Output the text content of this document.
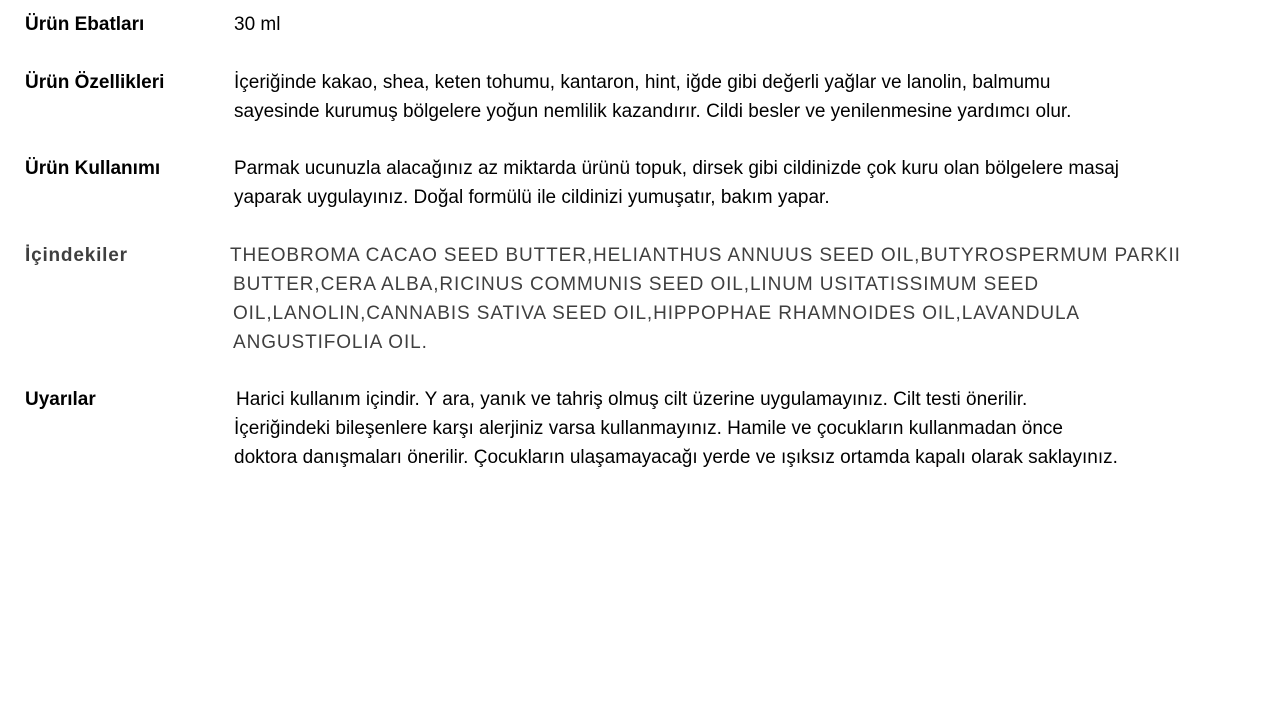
Ürün Ebatları	30 ml
Ürün Özellikleri	İçeriğinde kakao, shea, keten tohumu, kantaron, hint, iğde gibi değerli yağlar ve lanolin, balmumu
sayesinde kurumuş bölgelere yoğun nemlilik kazandırır. Cildi besler ve yenilenmesine yardımcı olur.
Ürün Kullanımı	Parmak ucunuzla alacağınız az miktarda ürünü topuk, dirsek gibi cildinizde çok kuru olan bölgelere masaj
yaparak uygulayınız. Doğal formülü ile cildinizi yumuşatır, bakım yapar.
İçindekiler	THEOBROMA CACAO SEED BUTTER,HELIANTHUS ANNUUS SEED OIL,BUTYROSPERMUM PARKII
BUTTER,CERA ALBA,RICINUS COMMUNIS SEED OIL,LINUM USITATISSIMUM SEED
OIL,LANOLIN,CANNABIS SATIVA SEED OIL,HIPPOPHAE RHAMNOIDES OIL,LAVANDULA
ANGUSTIFOLIA OIL.
Uyarılar	Harici kullanım içindir. Y ara, yanık ve tahriş olmuş cilt üzerine uygulamayınız. Cilt testi önerilir.
İçeriğindeki bileşenlere karşı alerjiniz varsa kullanmayınız. Hamile ve çocukların kullanmadan önce
doktora danışmaları önerilir. Çocukların ulaşamayacağı yerde ve ışıksız ortamda kapalı olarak saklayınız.
